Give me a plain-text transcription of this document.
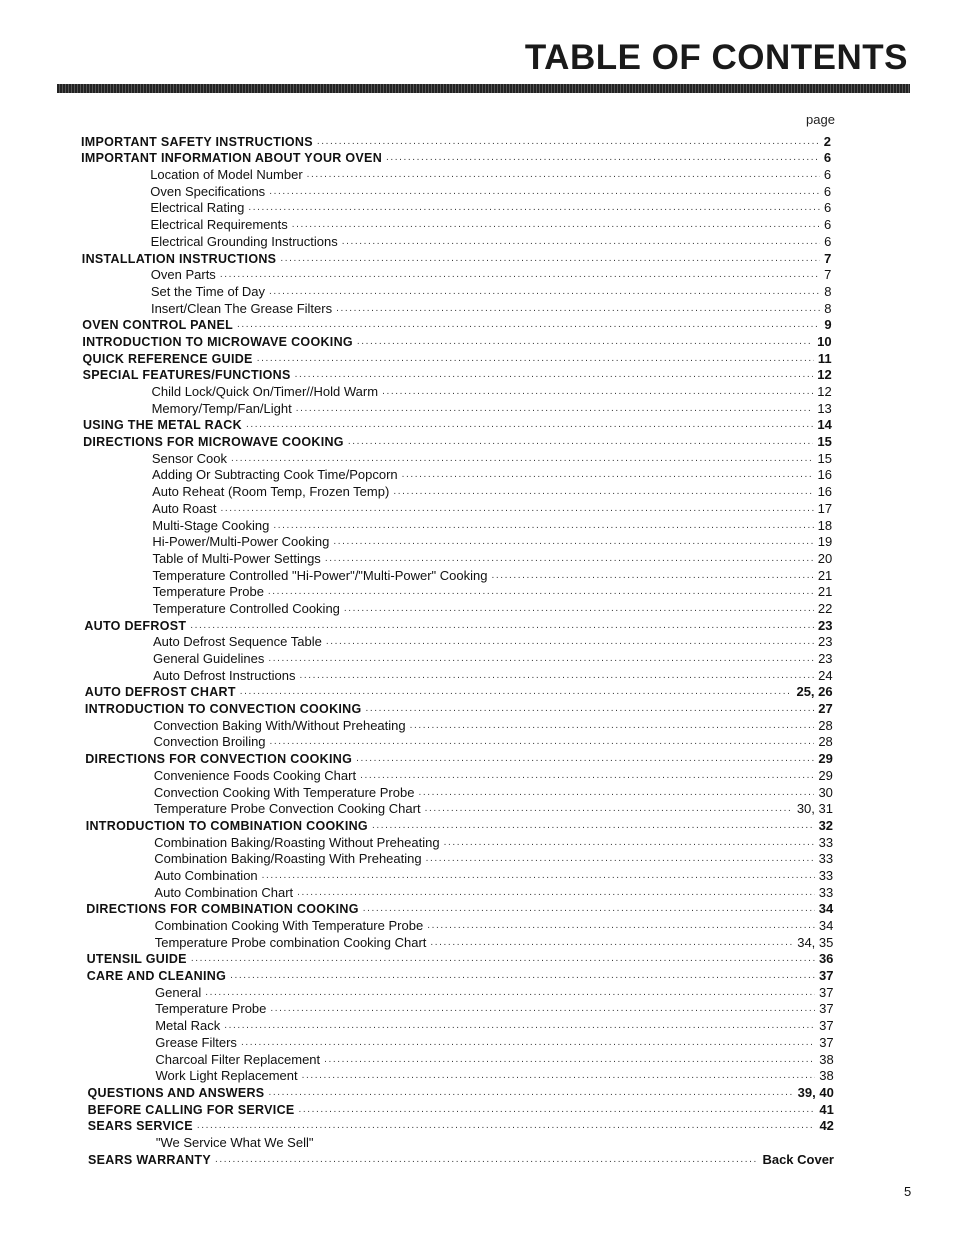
TABLE OF CONTENTS
page
IMPORTANT SAFETY INSTRUCTIONS .....	2
IMPORTANT INFORMATION ABOUT YOUR OVEN .....	6
Location of Model Number .....	6
Oven Specifications .....	6
Electrical Rating .....	6
Electrical Requirements .....	6
Electrical Grounding Instructions .....	6
INSTALLATION INSTRUCTIONS .....	7
Oven Parts .....	7
Set the Time of Day .....	8
Insert/Clean The Grease Filters .....	8
OVEN CONTROL PANEL .....	9
INTRODUCTION TO MICROWAVE COOKING .....	10
QUICK REFERENCE GUIDE .....	11
SPECIAL FEATURES/FUNCTIONS .....	12
Child Lock/Quick On/Timer//Hold Warm .....	12
Memory/Temp/Fan/Light .....	13
USING THE METAL RACK .....	14
DIRECTIONS FOR MICROWAVE COOKING .....	15
Sensor Cook .....	15
Adding Or Subtracting Cook Time/Popcorn .....	16
Auto Reheat (Room Temp, Frozen Temp) .....	16
Auto Roast .....	17
Multi-Stage Cooking .....	18
Hi-Power/Multi-Power Cooking .....	19
Table of Multi-Power Settings .....	20
Temperature Controlled "Hi-Power"/"Multi-Power" Cooking .....	21
Temperature Probe .....	21
Temperature Controlled Cooking .....	22
AUTO DEFROST .....	23
Auto Defrost Sequence Table .....	23
General Guidelines .....	23
Auto Defrost Instructions .....	24
AUTO DEFROST CHART .....	25, 26
INTRODUCTION TO CONVECTION COOKING .....	27
Convection Baking With/Without Preheating .....	28
Convection Broiling .....	28
DIRECTIONS FOR CONVECTION COOKING .....	29
Convenience Foods Cooking Chart .....	29
Convection Cooking With Temperature Probe .....	30
Temperature Probe Convection Cooking Chart .....	30, 31
INTRODUCTION TO COMBINATION COOKING .....	32
Combination Baking/Roasting Without Preheating .....	33
Combination Baking/Roasting With Preheating .....	33
Auto Combination .....	33
Auto Combination Chart .....	33
DIRECTIONS FOR COMBINATION COOKING .....	34
Combination Cooking With Temperature Probe .....	34
Temperature Probe combination Cooking Chart .....	34, 35
UTENSIL GUIDE .....	36
CARE AND CLEANING .....	37
General .....	37
Temperature Probe .....	37
Metal Rack .....	37
Grease Filters .....	37
Charcoal Filter Replacement .....	38
Work Light Replacement .....	38
QUESTIONS AND ANSWERS .....	39, 40
BEFORE CALLING FOR SERVICE .....	41
SEARS SERVICE .....	42
"We Service What We Sell"
SEARS WARRANTY .....	Back Cover
5
